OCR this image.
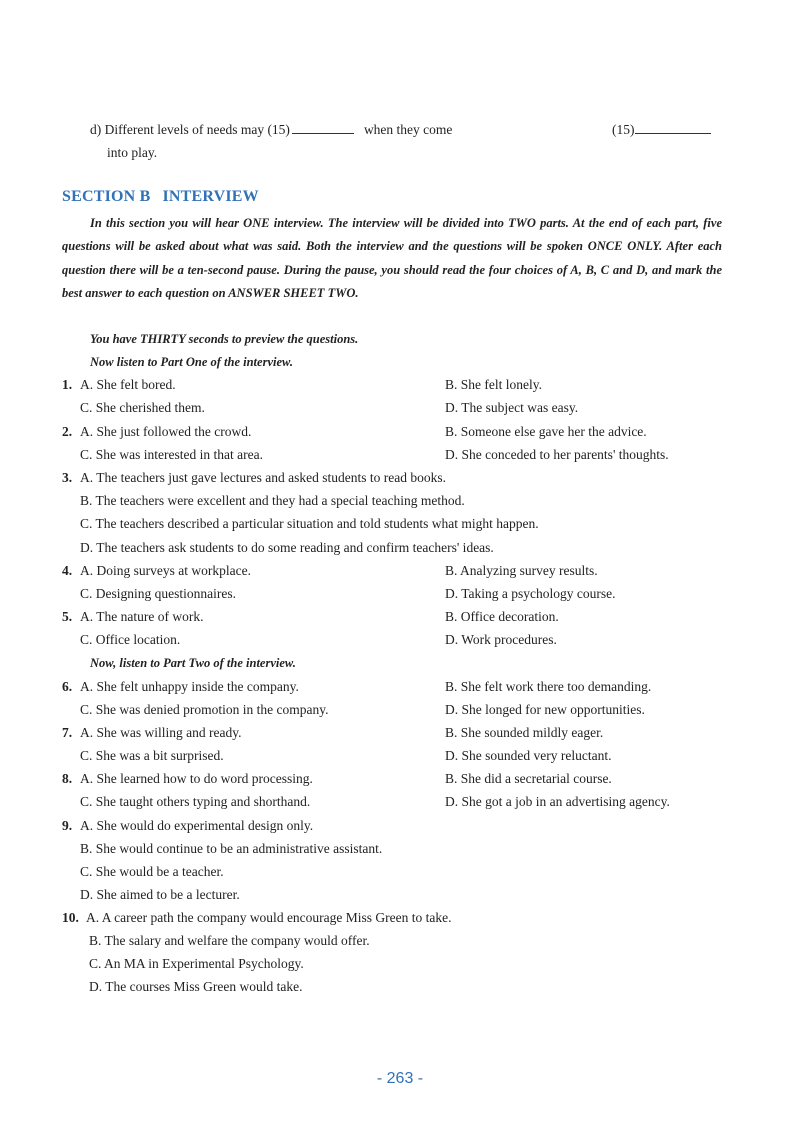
d) Different levels of needs may (15)	when they come	(15)
into play.
SECTION B INTERVIEW
In this section you will hear ONE interview. The interview will be divided into TWO parts. At the end of each part, five questions will be asked about what was said. Both the interview and the questions will be spoken ONCE ONLY. After each question there will be a ten-second pause. During the pause, you should read the four choices of A, B, C and D, and mark the best answer to each question on ANSWER SHEET TWO.
You have THIRTY seconds to preview the questions.
Now listen to Part One of the interview.
1. A. She felt bored.	B. She felt lonely.
C. She cherished them.	D. The subject was easy.
2. A. She just followed the crowd.	B. Someone else gave her the advice.
C. She was interested in that area.	D. She conceded to her parents' thoughts.
3. A. The teachers just gave lectures and asked students to read books.
B. The teachers were excellent and they had a special teaching method.
C. The teachers described a particular situation and told students what might happen.
D. The teachers ask students to do some reading and confirm teachers' ideas.
4. A. Doing surveys at workplace.	B. Analyzing survey results.
C. Designing questionnaires.	D. Taking a psychology course.
5. A. The nature of work.	B. Office decoration.
C. Office location.	D. Work procedures.
Now, listen to Part Two of the interview.
6. A. She felt unhappy inside the company.	B. She felt work there too demanding.
C. She was denied promotion in the company.	D. She longed for new opportunities.
7. A. She was willing and ready.	B. She sounded mildly eager.
C. She was a bit surprised.	D. She sounded very reluctant.
8. A. She learned how to do word processing.	B. She did a secretarial course.
C. She taught others typing and shorthand.	D. She got a job in an advertising agency.
9. A. She would do experimental design only.
B. She would continue to be an administrative assistant.
C. She would be a teacher.
D. She aimed to be a lecturer.
10. A. A career path the company would encourage Miss Green to take.
B. The salary and welfare the company would offer.
C. An MA in Experimental Psychology.
D. The courses Miss Green would take.
- 263 -
